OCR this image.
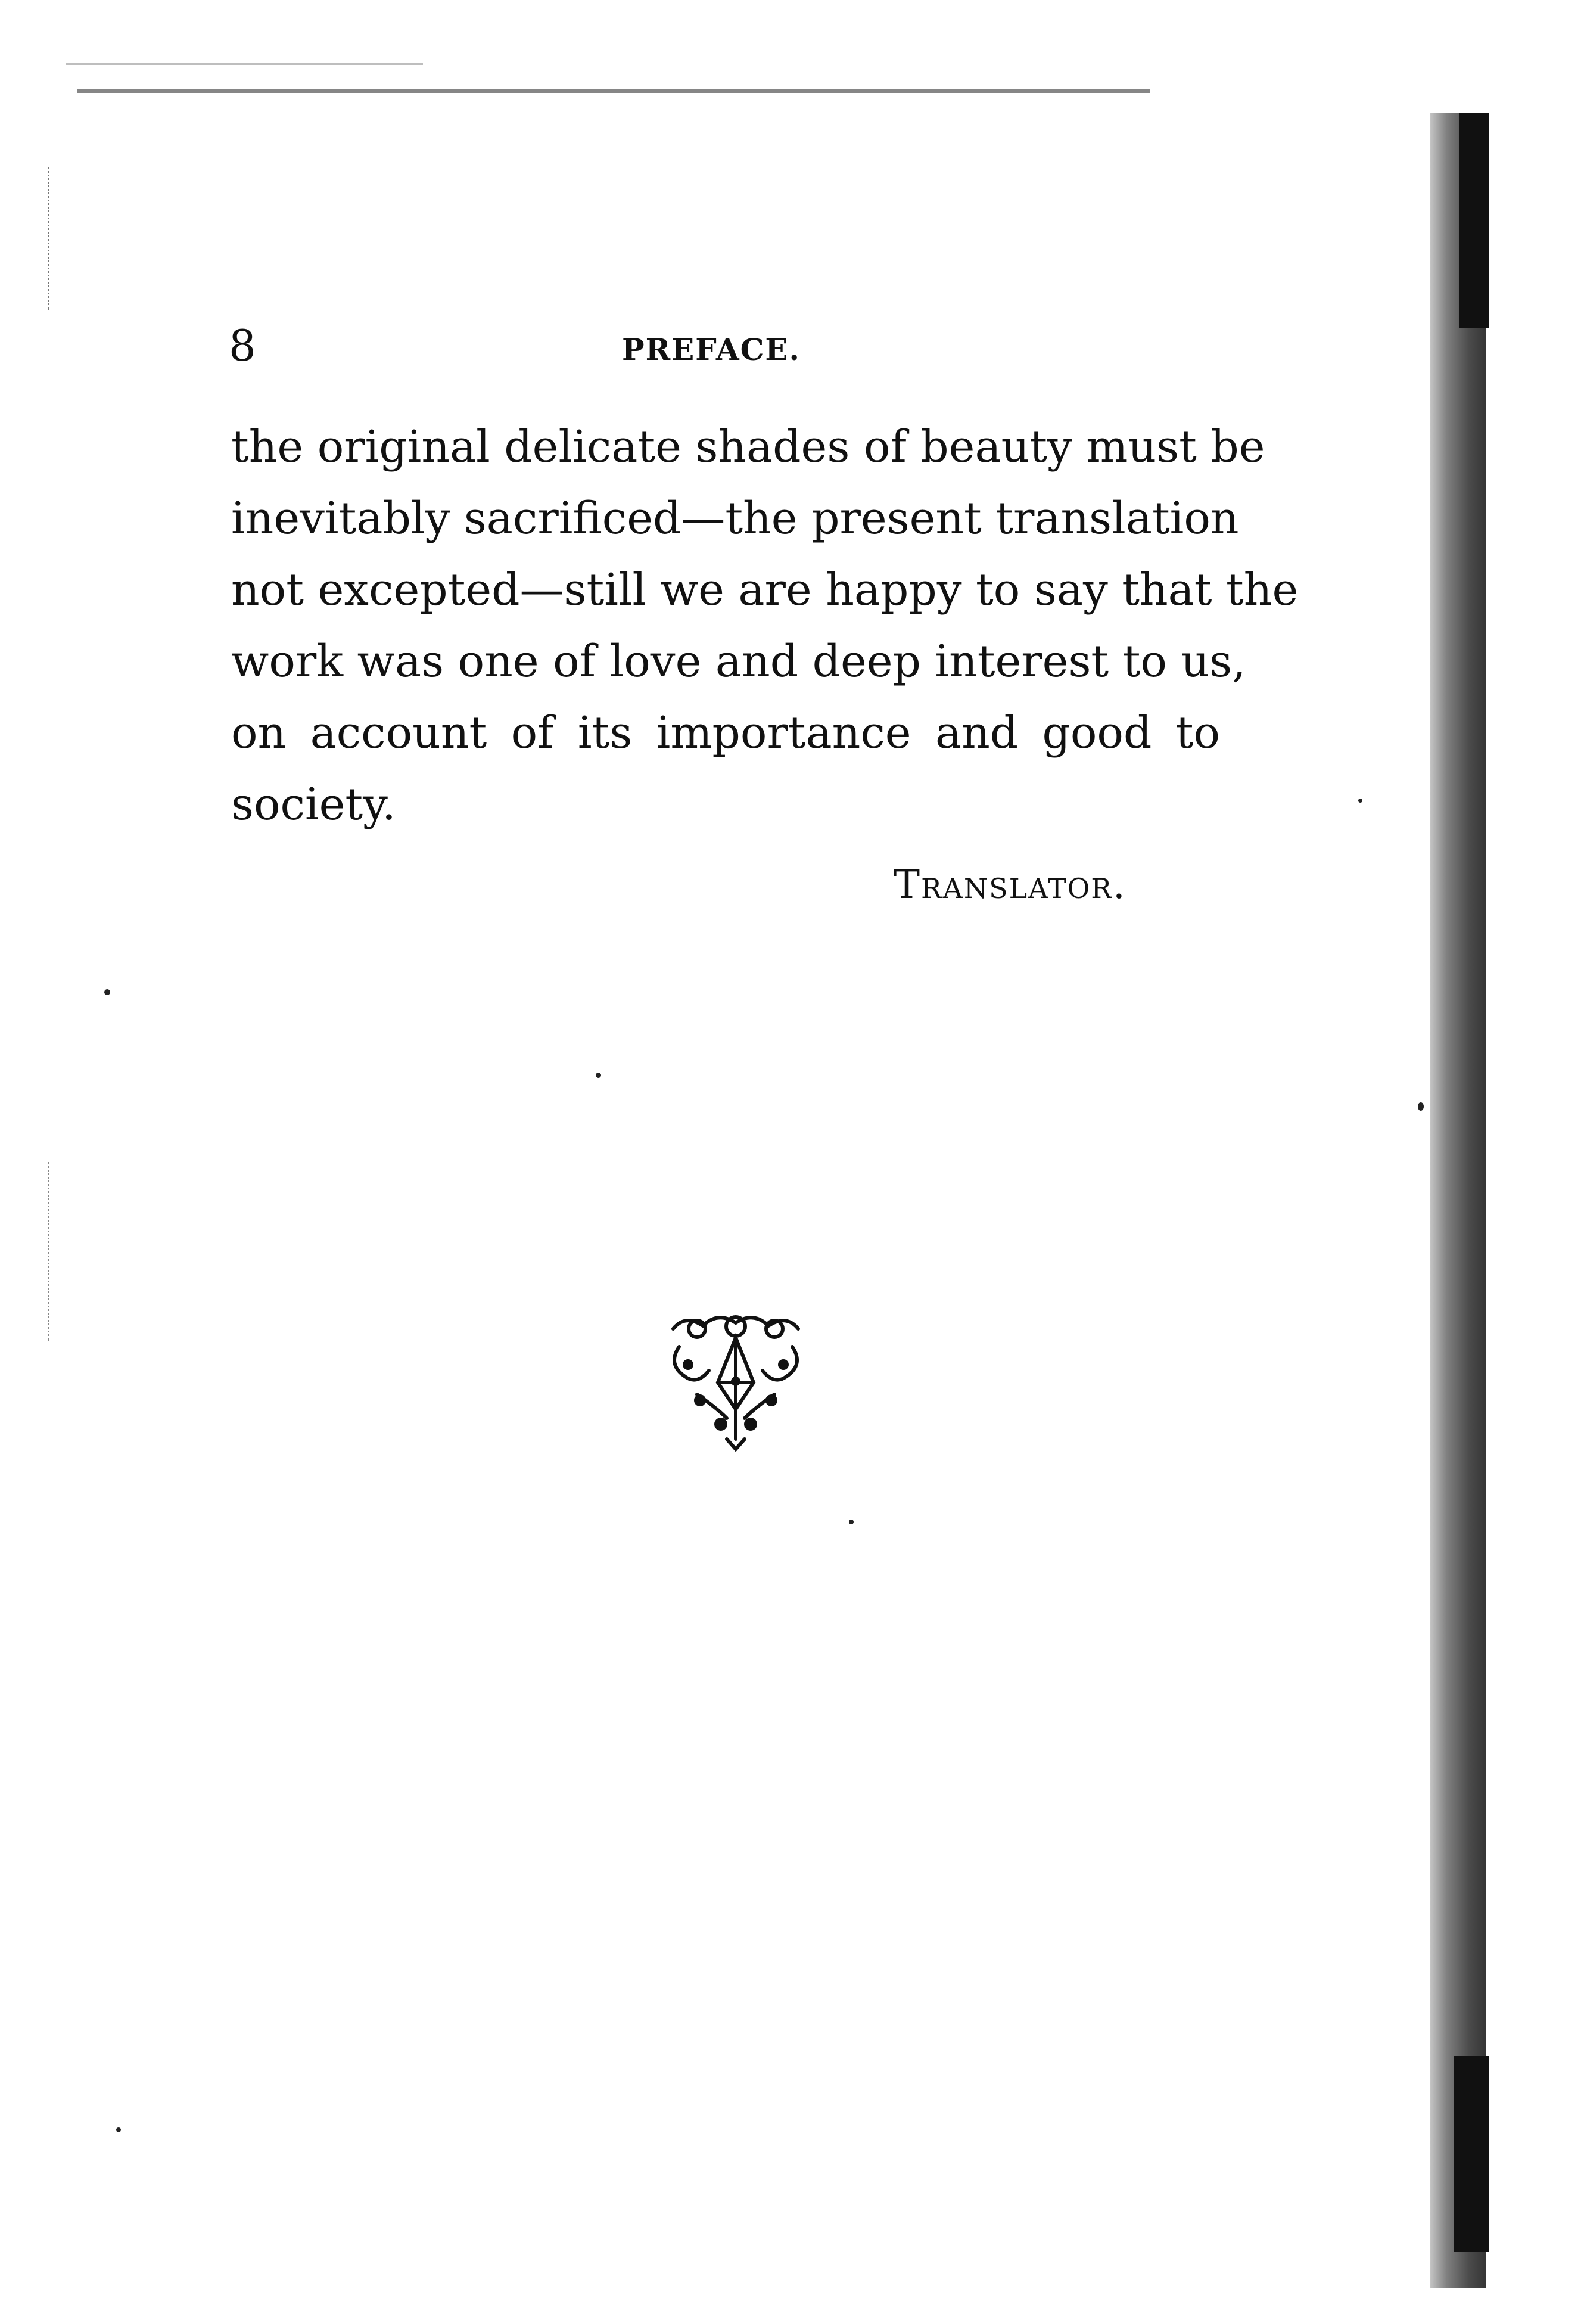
8	PREFACE.
the original delicate shades of beauty must be
inevitably sacrificed—the present translation
not excepted—still we are happy to say that the
work was one of love and deep interest to us,
on account of its importance and good to
society.
Translator.
